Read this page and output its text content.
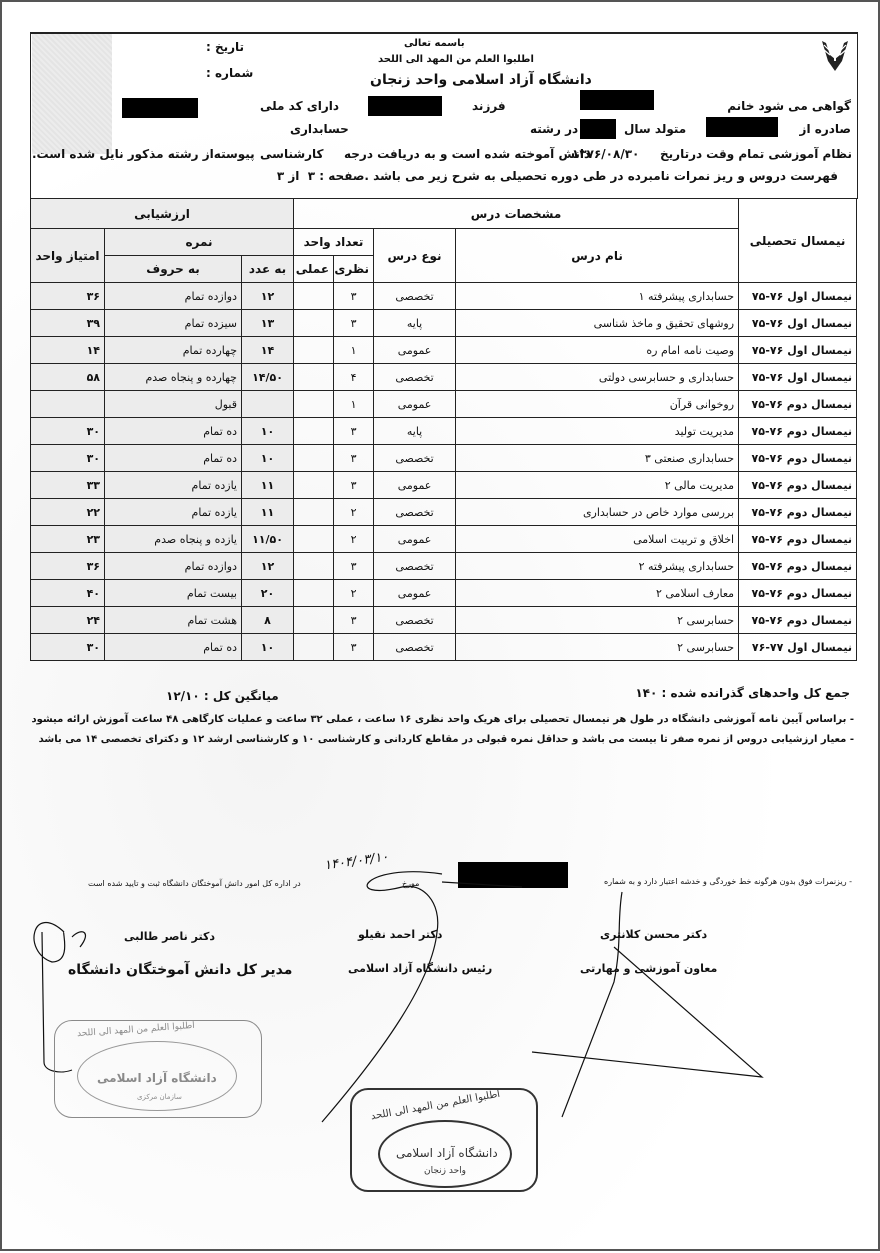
باسمه تعالی
اطلبوا العلم من المهد الی اللحد
دانشگاه آزاد اسلامی واحد زنجان
تاریخ :
شماره :
گواهی می شود خانم
فرزند
دارای کد ملی
صادره از
متولد سال
در رشته
حسابداری
نظام آموزشی تمام وقت
درتاریخ
۱۳۷۶/۰۸/۳۰
دانش آموخته شده است و به دریافت درجه
کارشناسی
پیوسته‌از رشته مذکور نایل شده است.
فهرست دروس و ریز نمرات نامبرده در طی دوره تحصیلی به شرح زیر می باشد .صفحه : ۳  از ۳
نیمسال تحصیلی	مشخصات درس				ارزشیابی		
	نام درس	نوع درس	تعداد واحد		نمره		امتیاز واحد
			نظری	عملی	به عدد	به حروف	
نیمسال اول ۷۶-۷۵	حسابداری پیشرفته ۱	تخصصی	۳		۱۲	دوازده تمام	۳۶
نیمسال اول ۷۶-۷۵	روشهای تحقیق و ماخذ شناسی	پایه	۳		۱۳	سیزده تمام	۳۹
نیمسال اول ۷۶-۷۵	وصیت نامه امام ره	عمومی	۱		۱۴	چهارده تمام	۱۴
نیمسال اول ۷۶-۷۵	حسابداری و حسابرسی دولتی	تخصصی	۴		۱۴/۵۰	چهارده و پنجاه صدم	۵۸
نیمسال دوم ۷۶-۷۵	روخوانی قرآن	عمومی	۱			قبول	
نیمسال دوم ۷۶-۷۵	مدیریت تولید	پایه	۳		۱۰	ده تمام	۳۰
نیمسال دوم ۷۶-۷۵	حسابداری صنعتی ۳	تخصصی	۳		۱۰	ده تمام	۳۰
نیمسال دوم ۷۶-۷۵	مدیریت مالی ۲	عمومی	۳		۱۱	یازده تمام	۳۳
نیمسال دوم ۷۶-۷۵	بررسی موارد خاص در حسابداری	تخصصی	۲		۱۱	یازده تمام	۲۲
نیمسال دوم ۷۶-۷۵	اخلاق و تربیت اسلامی	عمومی	۲		۱۱/۵۰	یازده و پنجاه صدم	۲۳
نیمسال دوم ۷۶-۷۵	حسابداری پیشرفته ۲	تخصصی	۳		۱۲	دوازده تمام	۳۶
نیمسال دوم ۷۶-۷۵	معارف اسلامی ۲	عمومی	۲		۲۰	بیست تمام	۴۰
نیمسال دوم ۷۶-۷۵	حسابرسی ۲	تخصصی	۳		۸	هشت تمام	۲۴
نیمسال اول ۷۷-۷۶	حسابرسی ۲	تخصصی	۳		۱۰	ده تمام	۳۰
جمع کل واحدهای گذرانده شده : ۱۴۰
میانگین کل : ۱۲/۱۰
- براساس آیین نامه آموزشی دانشگاه در طول هر نیمسال تحصیلی برای هریک واحد نظری ۱۶ ساعت ، عملی ۳۲ ساعت و عملیات کارگاهی ۴۸ ساعت آموزش ارائه میشود
- معیار ارزشیابی دروس از نمره صفر تا بیست می باشد و حداقل نمره قبولی در مقاطع کاردانی و کارشناسی ۱۰ و کارشناسی ارشد ۱۲ و دکترای تخصصی ۱۴ می باشد
- ریزنمرات فوق بدون هرگونه خط خوردگی و خدشه اعتبار دارد و به شماره
مورخ
۱۴۰۴/۰۳/۱۰
در اداره کل امور دانش آموختگان دانشگاه ثبت و تایید شده است
دکتر محسن کلانتری
معاون آموزشی و مهارتی
دکتر احمد نقیلو
رئیس دانشگاه آزاد اسلامی
دکتر ناصر طالبی
مدیر کل دانش آموختگان دانشگاه
اطلبوا العلم من المهد الی اللحد
دانشگاه آزاد اسلامی
سازمان مرکزی	اطلبوا العلم من المهد الی اللحد
دانشگاه آزاد اسلامی
واحد زنجان
